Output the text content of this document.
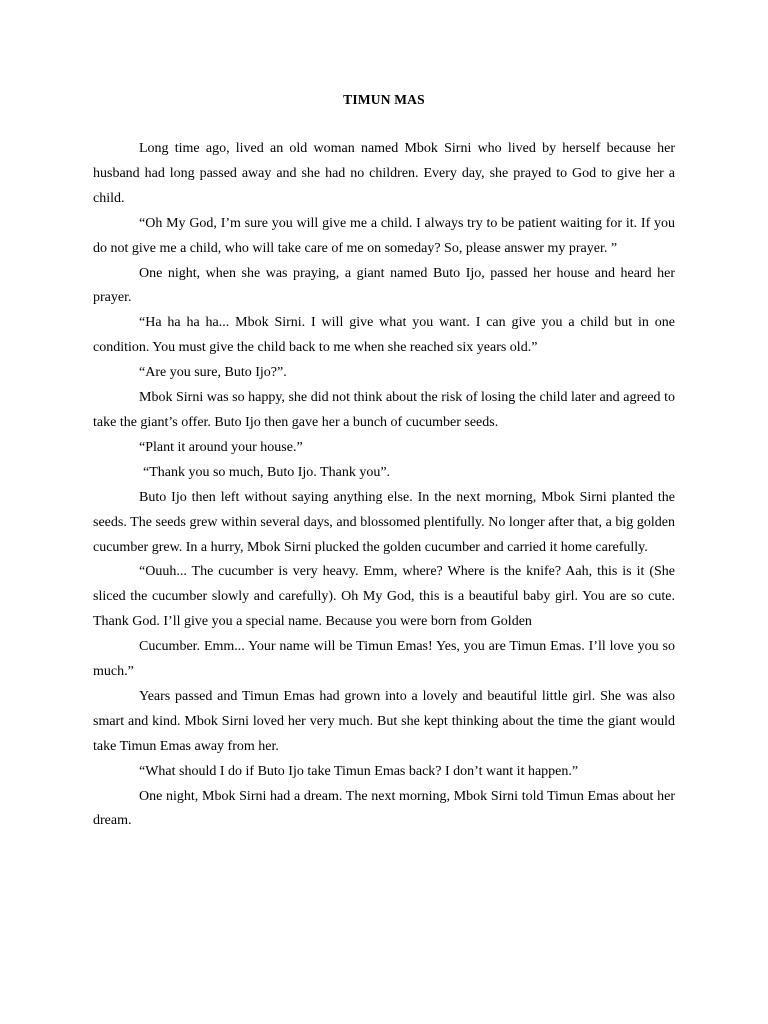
TIMUN MAS

Long time ago, lived an old woman named Mbok Sirni who lived by herself because her husband had long passed away and she had no children. Every day, she prayed to God to give her a child.

“Oh My God, I’m sure you will give me a child. I always try to be patient waiting for it. If you do not give me a child, who will take care of me on someday? So, please answer my prayer. ”

One night, when she was praying, a giant named Buto Ijo, passed her house and heard her prayer.

“Ha ha ha ha... Mbok Sirni. I will give what you want. I can give you a child but in one condition. You must give the child back to me when she reached six years old.”

“Are you sure, Buto Ijo?”.

Mbok Sirni was so happy, she did not think about the risk of losing the child later and agreed to take the giant’s offer. Buto Ijo then gave her a bunch of cucumber seeds.

“Plant it around your house.”

“Thank you so much, Buto Ijo. Thank you”.

Buto Ijo then left without saying anything else. In the next morning, Mbok Sirni planted the seeds. The seeds grew within several days, and blossomed plentifully. No longer after that, a big golden cucumber grew. In a hurry, Mbok Sirni plucked the golden cucumber and carried it home carefully.

“Ouuh... The cucumber is very heavy. Emm, where? Where is the knife? Aah, this is it (She sliced the cucumber slowly and carefully). Oh My God, this is a beautiful baby girl. You are so cute. Thank God. I’ll give you a special name. Because you were born from Golden

Cucumber. Emm... Your name will be Timun Emas! Yes, you are Timun Emas. I’ll love you so much.”

Years passed and Timun Emas had grown into a lovely and beautiful little girl. She was also smart and kind. Mbok Sirni loved her very much. But she kept thinking about the time the giant would take Timun Emas away from her.

“What should I do if Buto Ijo take Timun Emas back? I don’t want it happen.”

One night, Mbok Sirni had a dream. The next morning, Mbok Sirni told Timun Emas about her dream.
